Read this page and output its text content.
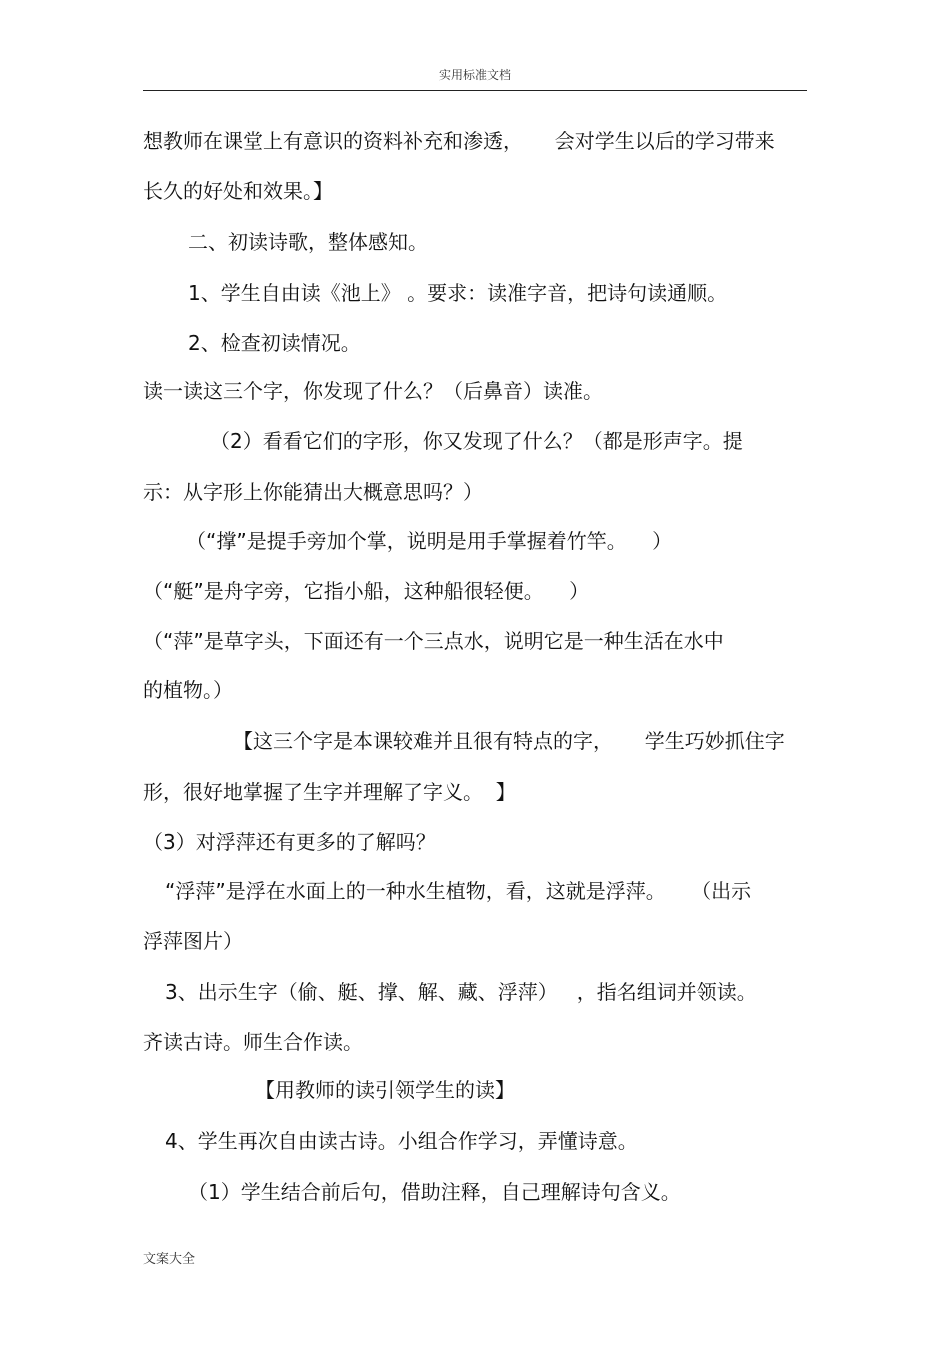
实用标准文档
想教师在课堂上有意识的资料补充和渗透，     会对学生以后的学习带来
长久的好处和效果。】
二、初读诗歌，整体感知。
1、学生自由读《池上》 。要求：读准字音，把诗句读通顺。
2、检查初读情况。
读一读这三个字，你发现了什么？（后鼻音）读准。
（2）看看它们的字形，你又发现了什么？（都是形声字。提
示：从字形上你能猜出大概意思吗？）
（“撑”是提手旁加个掌，说明是用手掌握着竹竿。    ）
（“艇”是舟字旁，它指小船，这种船很轻便。    ）
（“萍”是草字头，下面还有一个三点水，说明它是一种生活在水中
的植物。）
【这三个字是本课较难并且很有特点的字，     学生巧妙抓住字
形，很好地掌握了生字并理解了字义。  】
（3）对浮萍还有更多的了解吗？
“浮萍”是浮在水面上的一种水生植物，看，这就是浮萍。    （出示
浮萍图片）
3、出示生字（偷、艇、撑、解、藏、浮萍）   ，指名组词并领读。
齐读古诗。师生合作读。
【用教师的读引领学生的读】
4、学生再次自由读古诗。小组合作学习，弄懂诗意。
（1）学生结合前后句，借助注释，自己理解诗句含义。
文案大全
